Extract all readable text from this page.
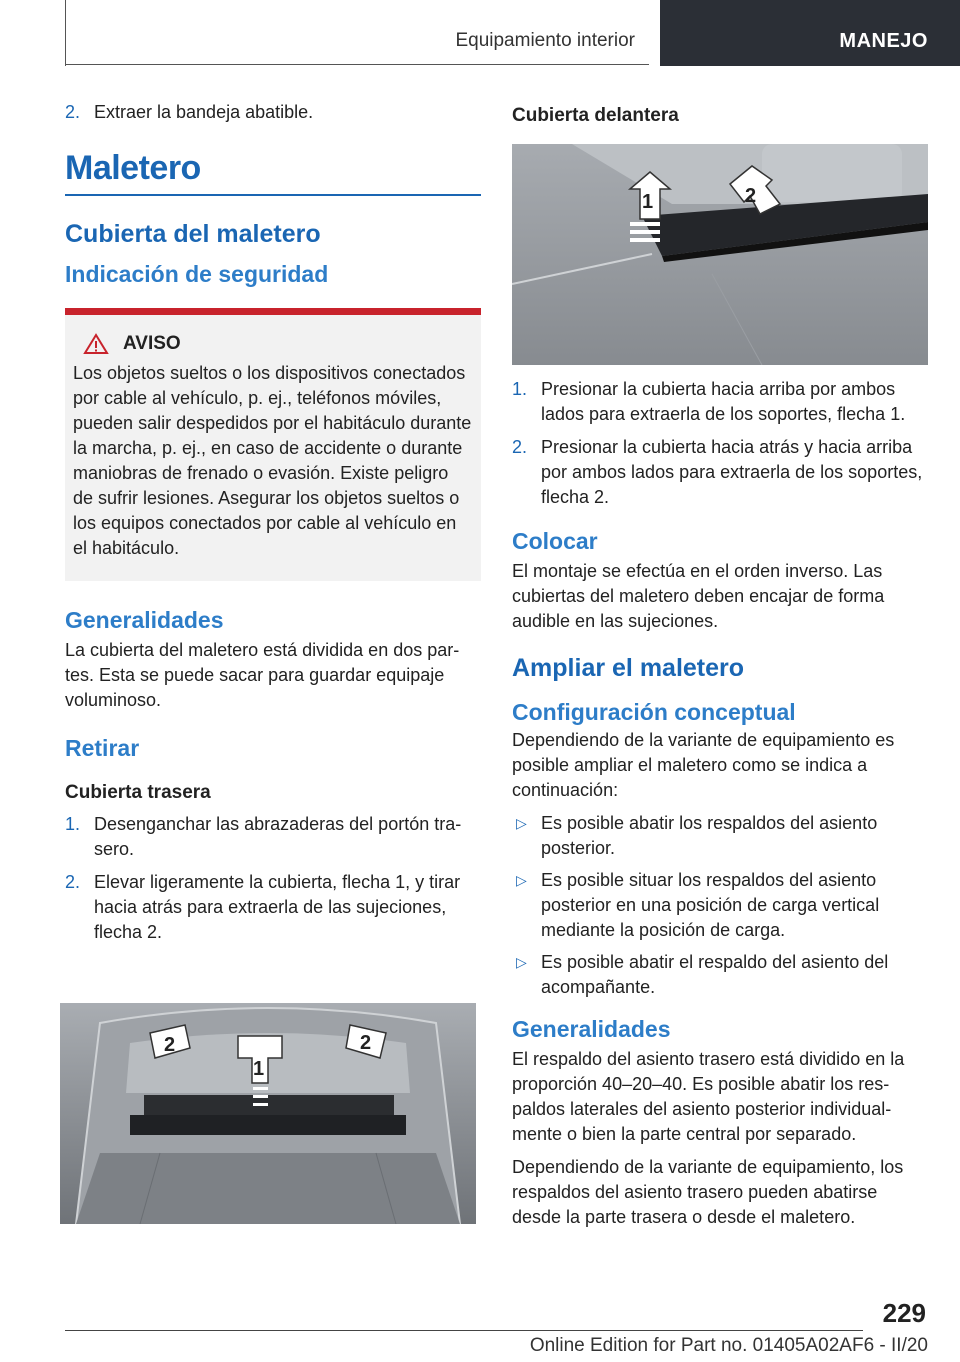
Equipamiento interior	MANEJO
2. Extraer la bandeja abatible.
Maletero
Cubierta del maletero
Indicación de seguridad
AVISO

Los objetos sueltos o los dispositivos conectados por cable al vehículo, p. ej., teléfonos móviles, pueden salir despedidos por el habitáculo durante la marcha, p. ej., en caso de accidente o durante maniobras de frenado o evasión. Existe peligro de sufrir lesiones. Asegurar los objetos sueltos o los equipos conectados por cable al vehículo en el habitáculo.

Generalidades

La cubierta del maletero está dividida en dos partes. Esta se puede sacar para guardar equipaje voluminoso.

Retirar
Cubierta trasera
1. Desenganchar las abrazaderas del portón trasero.
2. Elevar ligeramente la cubierta, flecha 1, y tirar hacia atrás para extraerla de las sujeciones, flecha 2.
2
1
2
Cubierta delantera
1	2
1. Presionar la cubierta hacia arriba por ambos lados para extraerla de los soportes, flecha 1.
2. Presionar la cubierta hacia atrás y hacia arriba por ambos lados para extraerla de los soportes, flecha 2.
Colocar

El montaje se efectúa en el orden inverso. Las cubiertas del maletero deben encajar de forma audible en las sujeciones.

Ampliar el maletero
Configuración conceptual

Dependiendo de la variante de equipamiento es posible ampliar el maletero como se indica a continuación:

▷ Es posible abatir los respaldos del asiento posterior.
▷ Es posible situar los respaldos del asiento posterior en una posición de carga vertical mediante la posición de carga.
▷ Es posible abatir el respaldo del asiento del acompañante.
Generalidades

El respaldo del asiento trasero está dividido en la proporción 40–20–40. Es posible abatir los respaldos laterales del asiento posterior individualmente o bien la parte central por separado.

Dependiendo de la variante de equipamiento, los respaldos del asiento trasero pueden abatirse desde la parte trasera o desde el maletero.

229
Online Edition for Part no. 01405A02AF6 - II/20
